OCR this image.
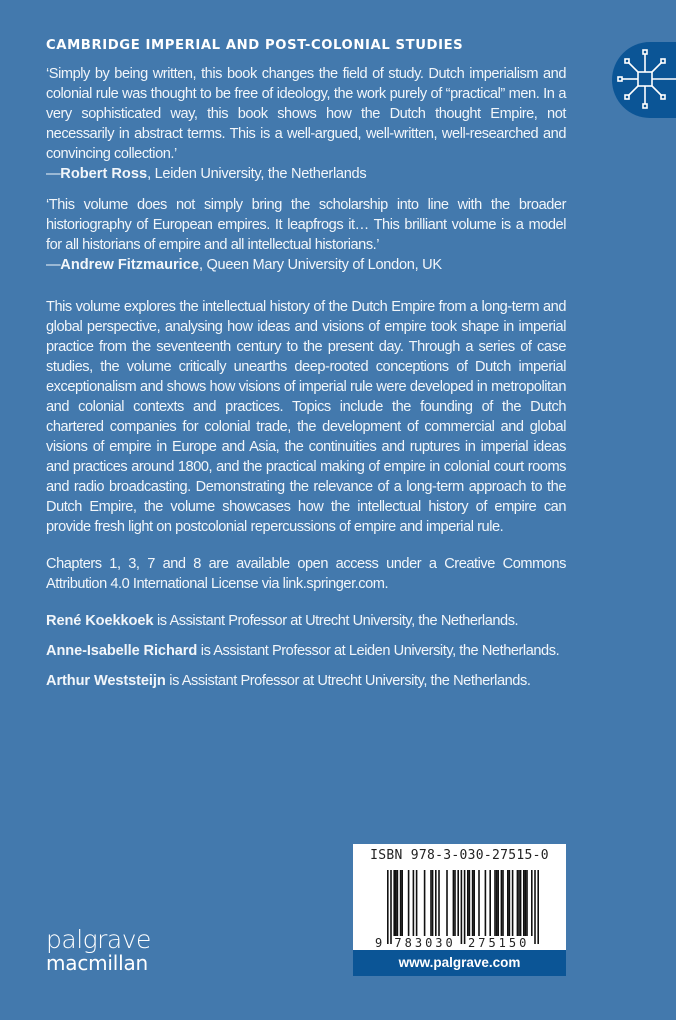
CAMBRIDGE IMPERIAL AND POST-COLONIAL STUDIES

‘Simply by being written, this book changes the field of study. Dutch imperialism and colonial rule was thought to be free of ideology, the work purely of “practical” men. In a very sophisticated way, this book shows how the Dutch thought Empire, not necessarily in abstract terms. This is a well-argued, well-written, well-researched and convincing collection.’

—Robert Ross, Leiden University, the Netherlands

‘This volume does not simply bring the scholarship into line with the broader historiography of European empires. It leapfrogs it… This brilliant volume is a model for all historians of empire and all intellectual historians.’

—Andrew Fitzmaurice, Queen Mary University of London, UK

This volume explores the intellectual history of the Dutch Empire from a long-term and global perspective, analysing how ideas and visions of empire took shape in imperial practice from the seventeenth century to the present day. Through a series of case studies, the volume critically unearths deep-rooted conceptions of Dutch imperial exceptionalism and shows how visions of imperial rule were developed in metropolitan and colonial contexts and practices. Topics include the founding of the Dutch chartered companies for colonial trade, the development of commercial and global visions of empire in Europe and Asia, the continuities and ruptures in imperial ideas and practices around 1800, and the practical making of empire in colonial court rooms and radio broadcasting. Demonstrating the relevance of a long-term approach to the Dutch Empire, the volume showcases how the intellectual history of empire can provide fresh light on postcolonial repercussions of empire and imperial rule.

Chapters 1, 3, 7 and 8 are available open access under a Creative Commons Attribution 4.0 International License via link.springer.com.

René Koekkoek is Assistant Professor at Utrecht University, the Netherlands.
Anne-Isabelle Richard is Assistant Professor at Leiden University, the Netherlands.
Arthur Weststeijn is Assistant Professor at Utrecht University, the Netherlands.
ISBN 978-3-030-27515-0
9 783030 275150
www.palgrave.com
palgrave
macmillan
